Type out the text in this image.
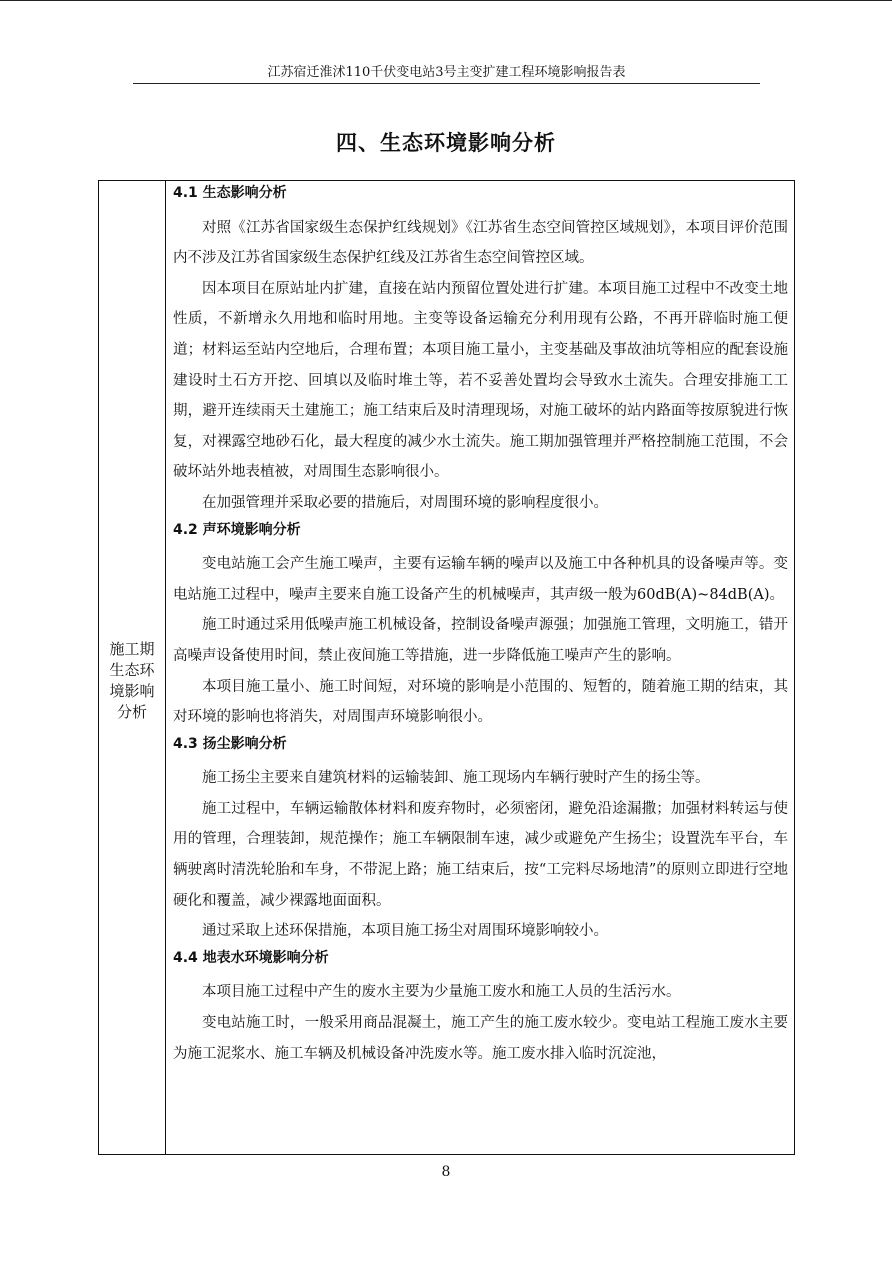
江苏宿迁淮沭110千伏变电站3号主变扩建工程环境影响报告表
四、生态环境影响分析
施工期生态环境影响分析
4.1 生态影响分析

对照《江苏省国家级生态保护红线规划》《江苏省生态空间管控区域规划》，本项目评价范围内不涉及江苏省国家级生态保护红线及江苏省生态空间管控区域。

因本项目在原站址内扩建，直接在站内预留位置处进行扩建。本项目施工过程中不改变土地性质，不新增永久用地和临时用地。主变等设备运输充分利用现有公路，不再开辟临时施工便道；材料运至站内空地后，合理布置；本项目施工量小，主变基础及事故油坑等相应的配套设施建设时土石方开挖、回填以及临时堆土等，若不妥善处置均会导致水土流失。合理安排施工工期，避开连续雨天土建施工；施工结束后及时清理现场，对施工破坏的站内路面等按原貌进行恢复，对裸露空地砂石化，最大程度的减少水土流失。施工期加强管理并严格控制施工范围，不会破坏站外地表植被，对周围生态影响很小。

在加强管理并采取必要的措施后，对周围环境的影响程度很小。

4.2 声环境影响分析

变电站施工会产生施工噪声，主要有运输车辆的噪声以及施工中各种机具的设备噪声等。变电站施工过程中，噪声主要来自施工设备产生的机械噪声，其声级一般为60dB(A)~84dB(A)。

施工时通过采用低噪声施工机械设备，控制设备噪声源强；加强施工管理，文明施工，错开高噪声设备使用时间，禁止夜间施工等措施，进一步降低施工噪声产生的影响。

本项目施工量小、施工时间短，对环境的影响是小范围的、短暂的，随着施工期的结束，其对环境的影响也将消失，对周围声环境影响很小。

4.3 扬尘影响分析

施工扬尘主要来自建筑材料的运输装卸、施工现场内车辆行驶时产生的扬尘等。

施工过程中，车辆运输散体材料和废弃物时，必须密闭，避免沿途漏撒；加强材料转运与使用的管理，合理装卸，规范操作；施工车辆限制车速，减少或避免产生扬尘；设置洗车平台，车辆驶离时清洗轮胎和车身，不带泥上路；施工结束后，按“工完料尽场地清”的原则立即进行空地硬化和覆盖，减少裸露地面面积。

通过采取上述环保措施，本项目施工扬尘对周围环境影响较小。

4.4 地表水环境影响分析

本项目施工过程中产生的废水主要为少量施工废水和施工人员的生活污水。

变电站施工时，一般采用商品混凝土，施工产生的施工废水较少。变电站工程施工废水主要为施工泥浆水、施工车辆及机械设备冲洗废水等。施工废水排入临时沉淀池，

8
